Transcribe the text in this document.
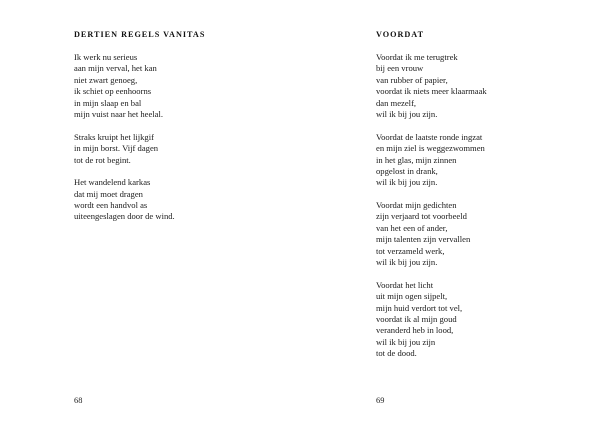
DERTIEN REGELS VANITAS
Ik werk nu serieus
aan mijn verval, het kan
niet zwart genoeg,
ik schiet op eenhoorns
in mijn slaap en bal
mijn vuist naar het heelal.
Straks kruipt het lijkgif
in mijn borst. Vijf dagen
tot de rot begint.
Het wandelend karkas
dat mij moet dragen
wordt een handvol as
uiteengeslagen door de wind.
68
VOORDAT
Voordat ik me terugtrek
bij een vrouw
van rubber of papier,
voordat ik niets meer klaarmaak
dan mezelf,
wil ik bij jou zijn.
Voordat de laatste ronde ingzat
en mijn ziel is weggezwommen
in het glas, mijn zinnen
opgelost in drank,
wil ik bij jou zijn.
Voordat mijn gedichten
zijn verjaard tot voorbeeld
van het een of ander,
mijn talenten zijn vervallen
tot verzameld werk,
wil ik bij jou zijn.
Voordat het licht
uit mijn ogen sijpelt,
mijn huid verdort tot vel,
voordat ik al mijn goud
veranderd heb in lood,
wil ik bij jou zijn
tot de dood.
69
